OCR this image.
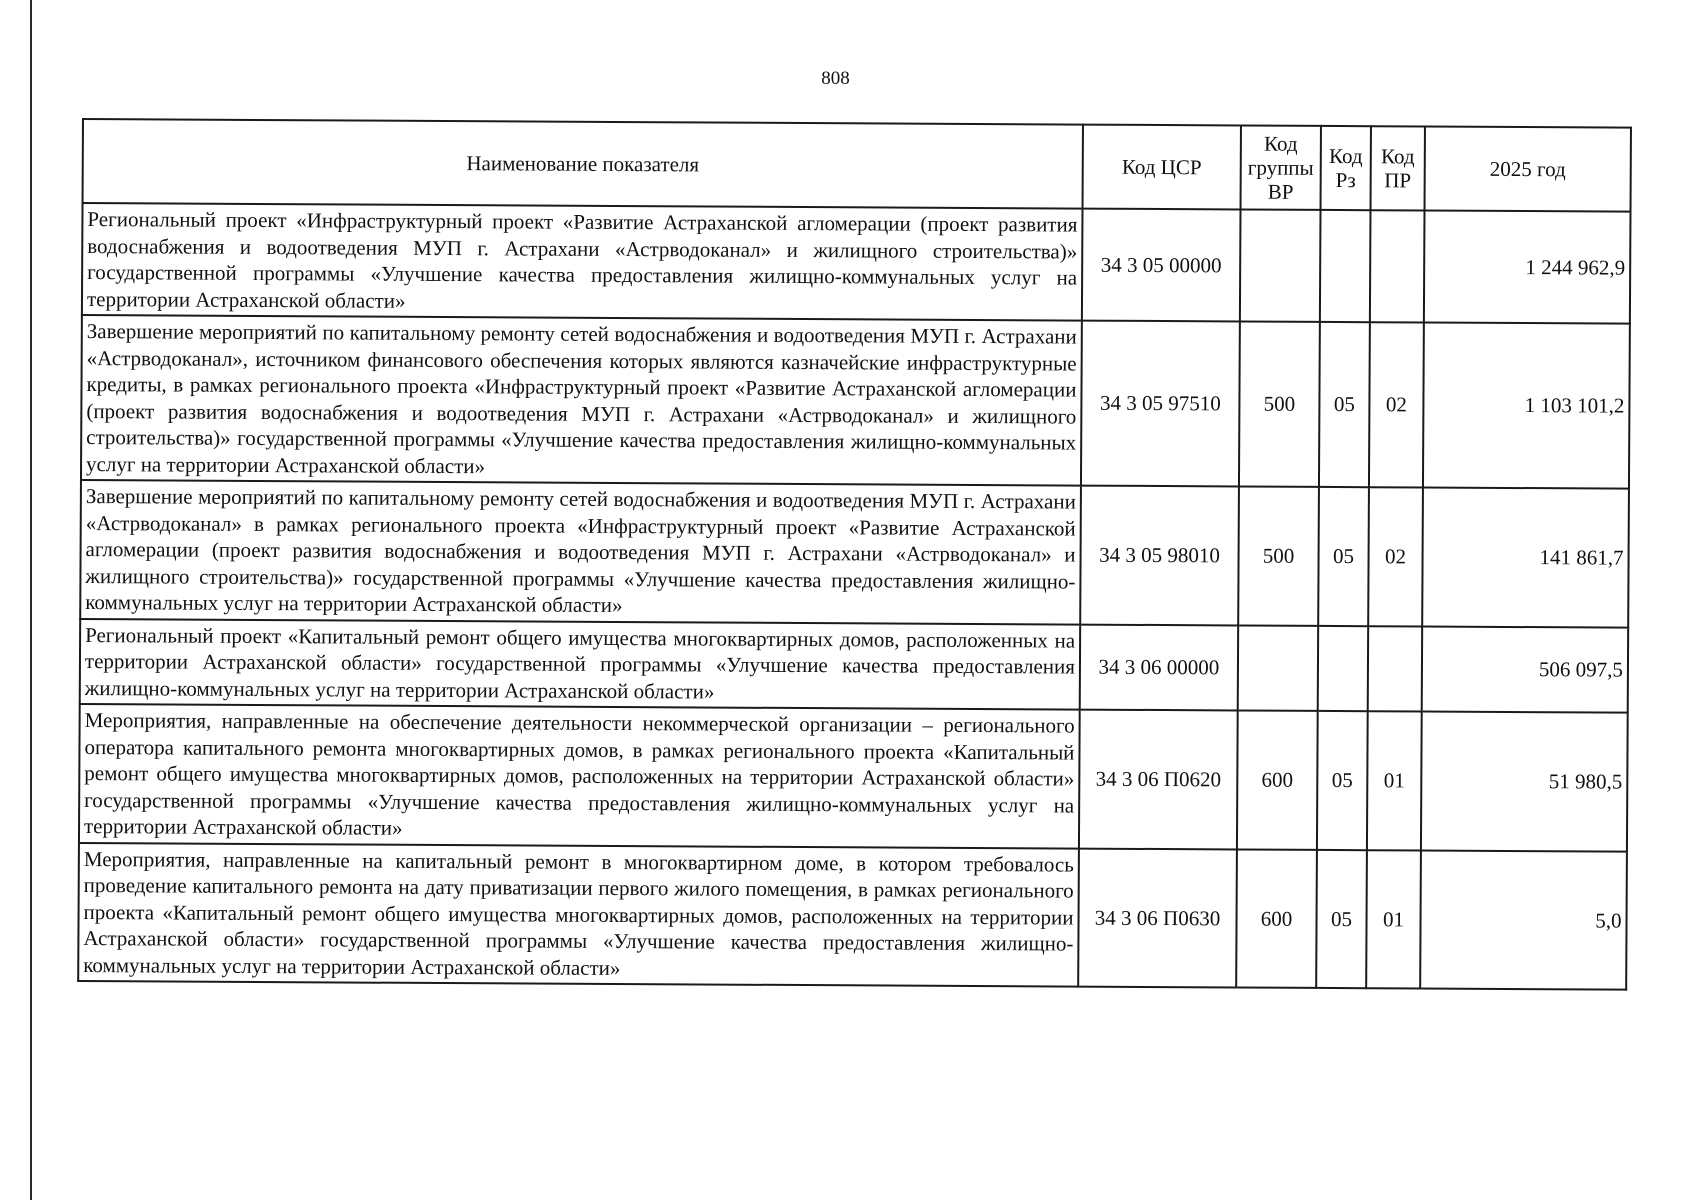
808
Наименование показателя	Код ЦСР	Код группы ВР	Код Рз	Код ПР	2025 год
Региональный проект «Инфраструктурный проект «Развитие Астраханской агломерации (проект развития водоснабжения и водоотведения МУП г. Астрахани «Астрводоканал» и жилищного строительства)» государственной программы «Улучшение качества предоставления жилищно-коммунальных услуг на территории Астраханской области»	34 3 05 00000				1 244 962,9
Завершение мероприятий по капитальному ремонту сетей водоснабжения и водоотведения МУП г. Астрахани «Астрводоканал», источником финансового обеспечения которых являются казначейские инфраструктурные кредиты, в рамках регионального проекта «Инфраструктурный проект «Развитие Астраханской агломерации (проект развития водоснабжения и водоотведения МУП г. Астрахани «Астрводоканал» и жилищного строительства)» государственной программы «Улучшение качества предоставления жилищно-коммунальных услуг на территории Астраханской области»	34 3 05 97510	500	05	02	1 103 101,2
Завершение мероприятий по капитальному ремонту сетей водоснабжения и водоотведения МУП г. Астрахани «Астрводоканал» в рамках регионального проекта «Инфраструктурный проект «Развитие Астраханской агломерации (проект развития водоснабжения и водоотведения МУП г. Астрахани «Астрводоканал» и жилищного строительства)» государственной программы «Улучшение качества предоставления жилищно-коммунальных услуг на территории Астраханской области»	34 3 05 98010	500	05	02	141 861,7
Региональный проект «Капитальный ремонт общего имущества многоквартирных домов, расположенных на территории Астраханской области» государственной программы «Улучшение качества предоставления жилищно-коммунальных услуг на территории Астраханской области»	34 3 06 00000				506 097,5
Мероприятия, направленные на обеспечение деятельности некоммерческой организации – регионального оператора капитального ремонта многоквартирных домов, в рамках регионального проекта «Капитальный ремонт общего имущества многоквартирных домов, расположенных на территории Астраханской области» государственной программы «Улучшение качества предоставления жилищно-коммунальных услуг на территории Астраханской области»	34 3 06 П0620	600	05	01	51 980,5
Мероприятия, направленные на капитальный ремонт в многоквартирном доме, в котором требовалось проведение капитального ремонта на дату приватизации первого жилого помещения, в рамках регионального проекта «Капитальный ремонт общего имущества многоквартирных домов, расположенных на территории Астраханской области» государственной программы «Улучшение качества предоставления жилищно-коммунальных услуг на территории Астраханской области»	34 3 06 П0630	600	05	01	5,0
